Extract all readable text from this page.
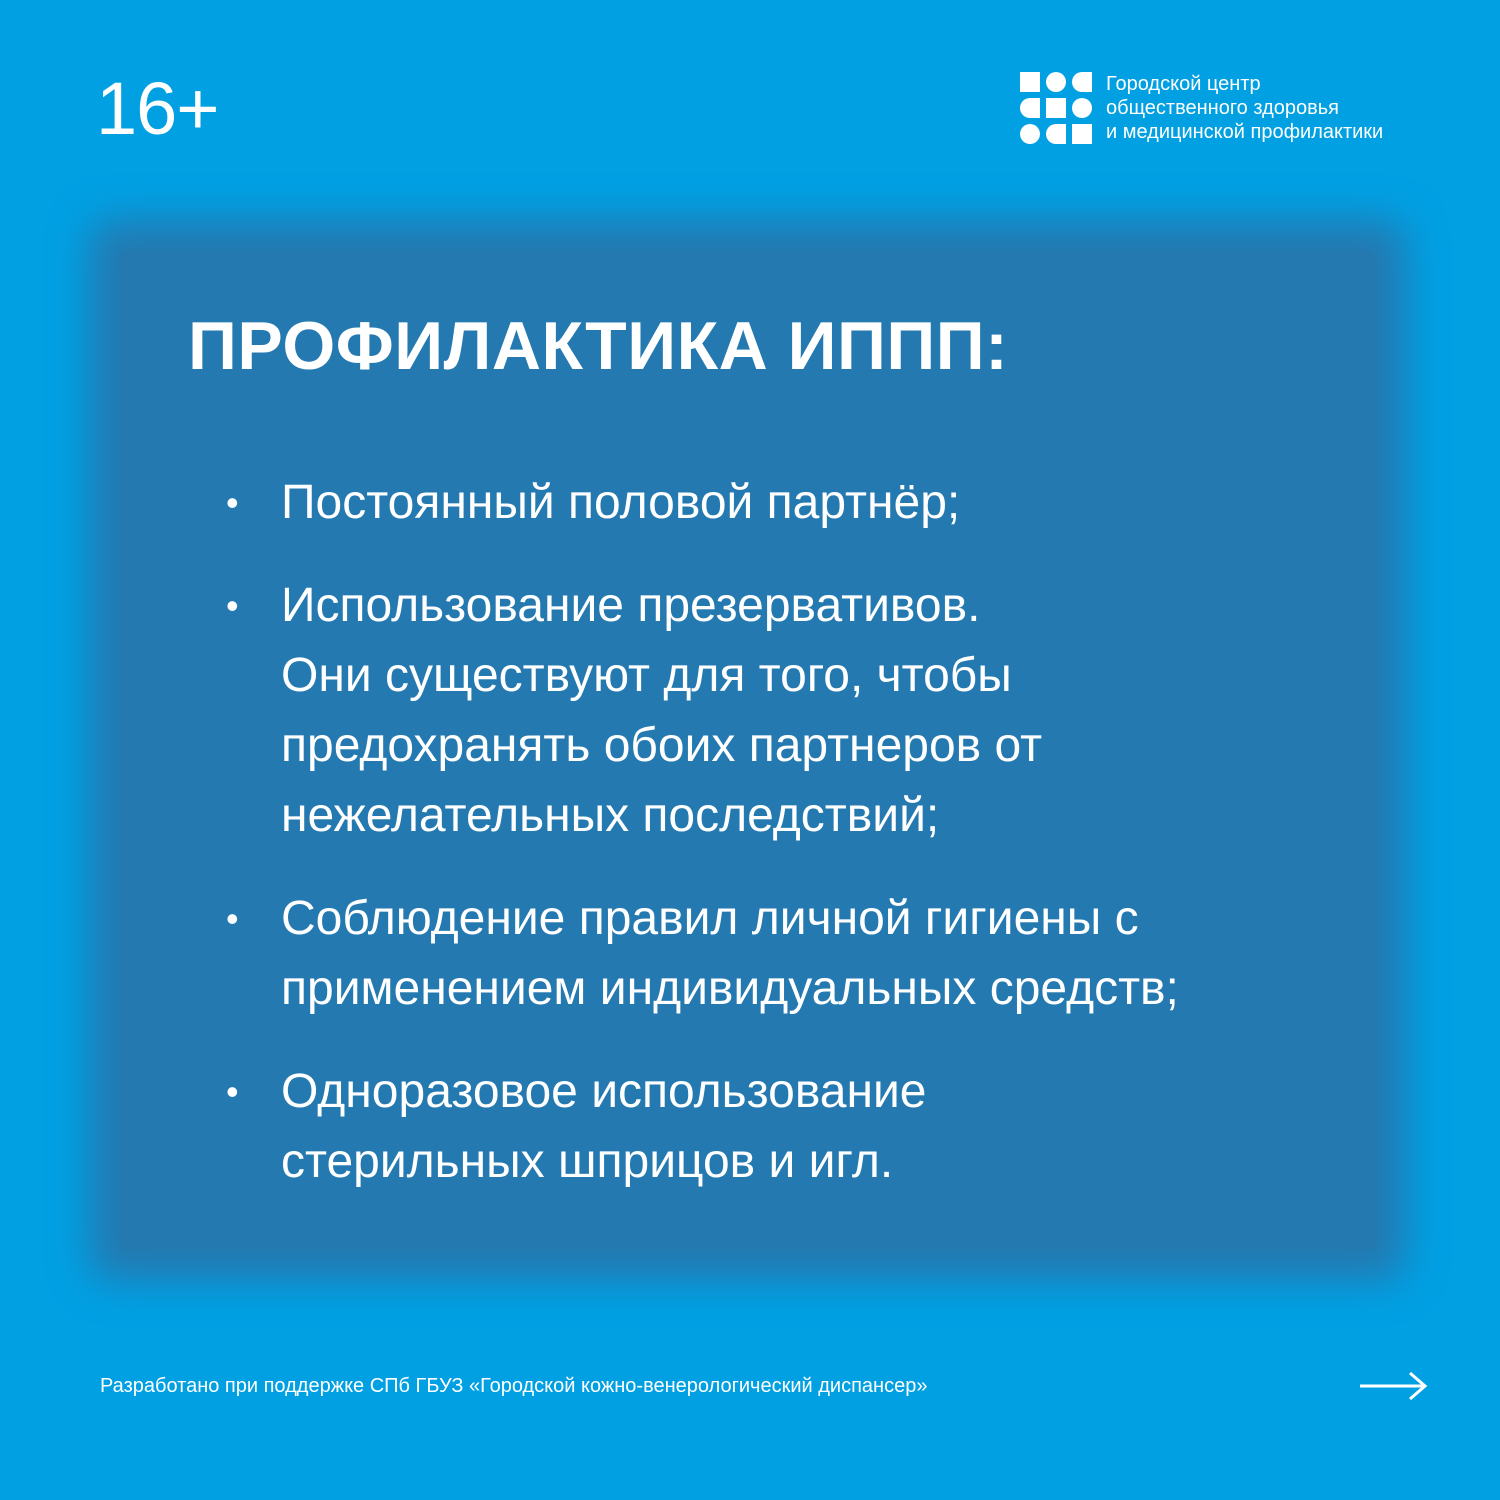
16+	Городской центр
общественного здоровья
и медицинской профилактики
ПРОФИЛАКТИКА ИППП:
• Постоянный половой партнёр;
• Использование презервативов.
Они существуют для того, чтобы
предохранять обоих партнеров от
нежелательных последствий;
• Соблюдение правил личной гигиены с
применением индивидуальных средств;
• Одноразовое использование
стерильных шприцов и игл.
Разработано при поддержке СПб ГБУЗ «Городской кожно-венерологический диспансер»
